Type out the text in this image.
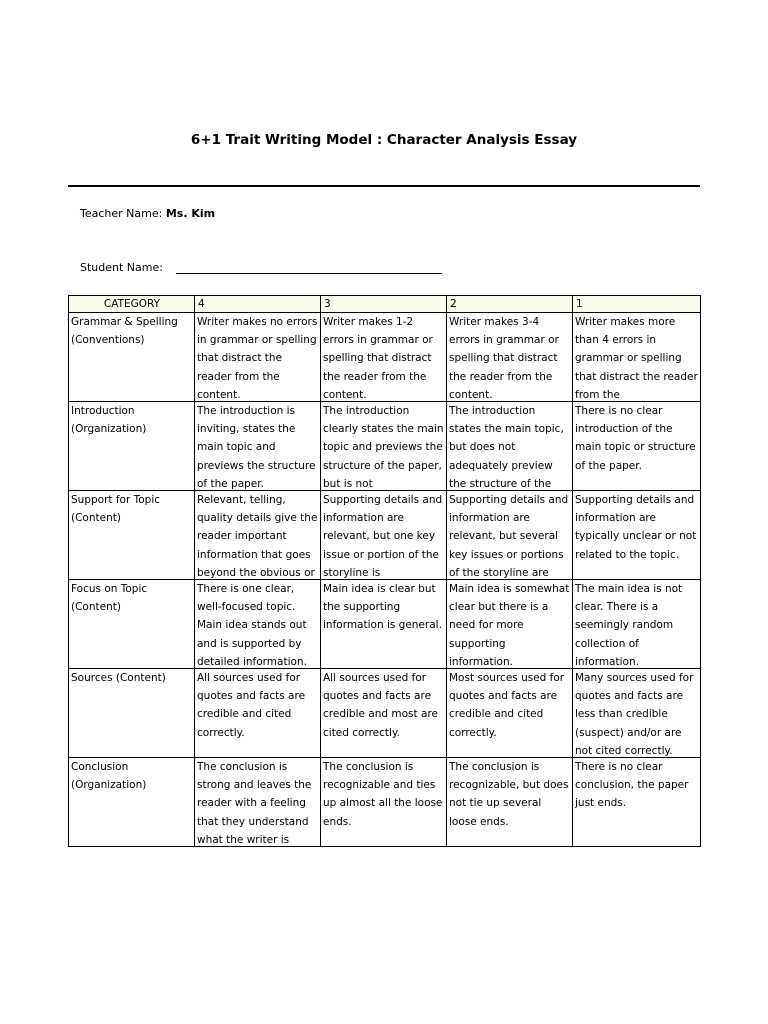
6+1 Trait Writing Model : Character Analysis Essay
Teacher Name: Ms. Kim
Student Name:
CATEGORY	4	3	2	1

Grammar & Spelling (Conventions)	Writer makes no errors in grammar or spelling that distract the reader from the content.	Writer makes 1-2 errors in grammar or spelling that distract the reader from the content.	Writer makes 3-4 errors in grammar or spelling that distract the reader from the content.	Writer makes more than 4 errors in grammar or spelling that distract the reader from the

Introduction (Organization)	The introduction is inviting, states the main topic and previews the structure of the paper.	The introduction clearly states the main topic and previews the structure of the paper, but is not	The introduction states the main topic, but does not adequately preview the structure of the	There is no clear introduction of the main topic or structure of the paper.

Support for Topic (Content)	Relevant, telling, quality details give the reader important information that goes beyond the obvious or	Supporting details and information are relevant, but one key issue or portion of the storyline is	Supporting details and information are relevant, but several key issues or portions of the storyline are	Supporting details and information are typically unclear or not related to the topic.

Focus on Topic (Content)	There is one clear, well-focused topic. Main idea stands out and is supported by detailed information.	Main idea is clear but the supporting information is general.	Main idea is somewhat clear but there is a need for more supporting information.	The main idea is not clear. There is a seemingly random collection of information.

Sources (Content)	All sources used for quotes and facts are credible and cited correctly.	All sources used for quotes and facts are credible and most are cited correctly.	Most sources used for quotes and facts are credible and cited correctly.	Many sources used for quotes and facts are less than credible (suspect) and/or are not cited correctly.

Conclusion (Organization)	The conclusion is strong and leaves the reader with a feeling that they understand what the writer is	The conclusion is recognizable and ties up almost all the loose ends.	The conclusion is recognizable, but does not tie up several loose ends.	There is no clear conclusion, the paper just ends.
